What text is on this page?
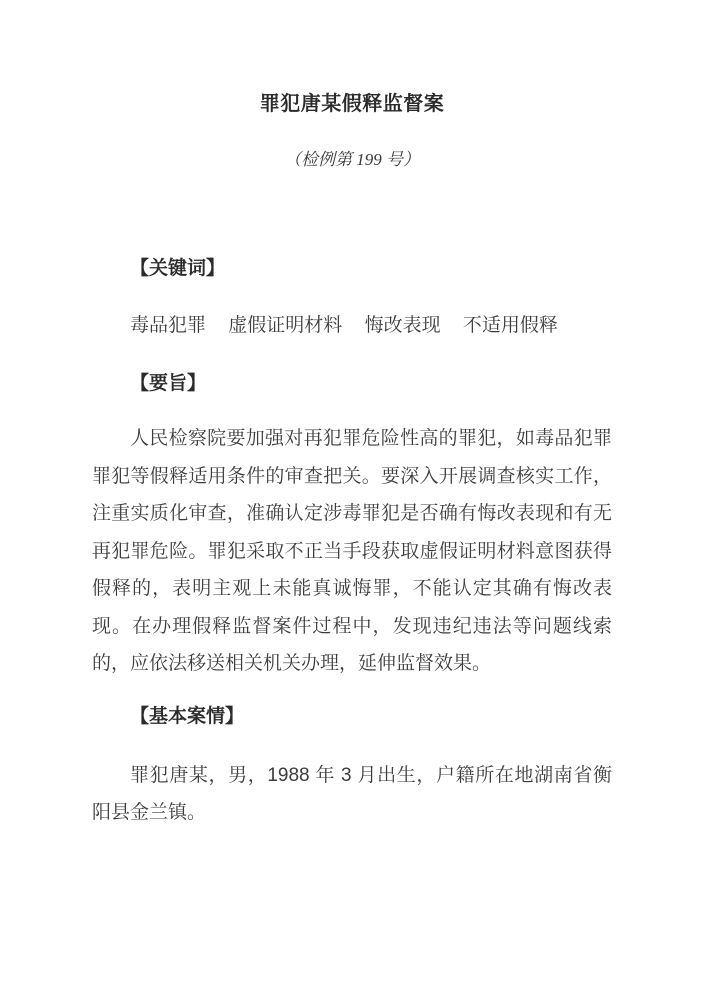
罪犯唐某假释监督案
（检例第 199 号）
【关键词】
毒品犯罪 虚假证明材料 悔改表现 不适用假释
【要旨】

人民检察院要加强对再犯罪危险性高的罪犯，如毒品犯罪罪犯等假释适用条件的审查把关。要深入开展调查核实工作，注重实质化审查，准确认定涉毒罪犯是否确有悔改表现和有无再犯罪危险。罪犯采取不正当手段获取虚假证明材料意图获得假释的，表明主观上未能真诚悔罪，不能认定其确有悔改表现。在办理假释监督案件过程中，发现违纪违法等问题线索的，应依法移送相关机关办理，延伸监督效果。

【基本案情】

罪犯唐某，男，1988 年 3 月出生，户籍所在地湖南省衡阳县金兰镇。
